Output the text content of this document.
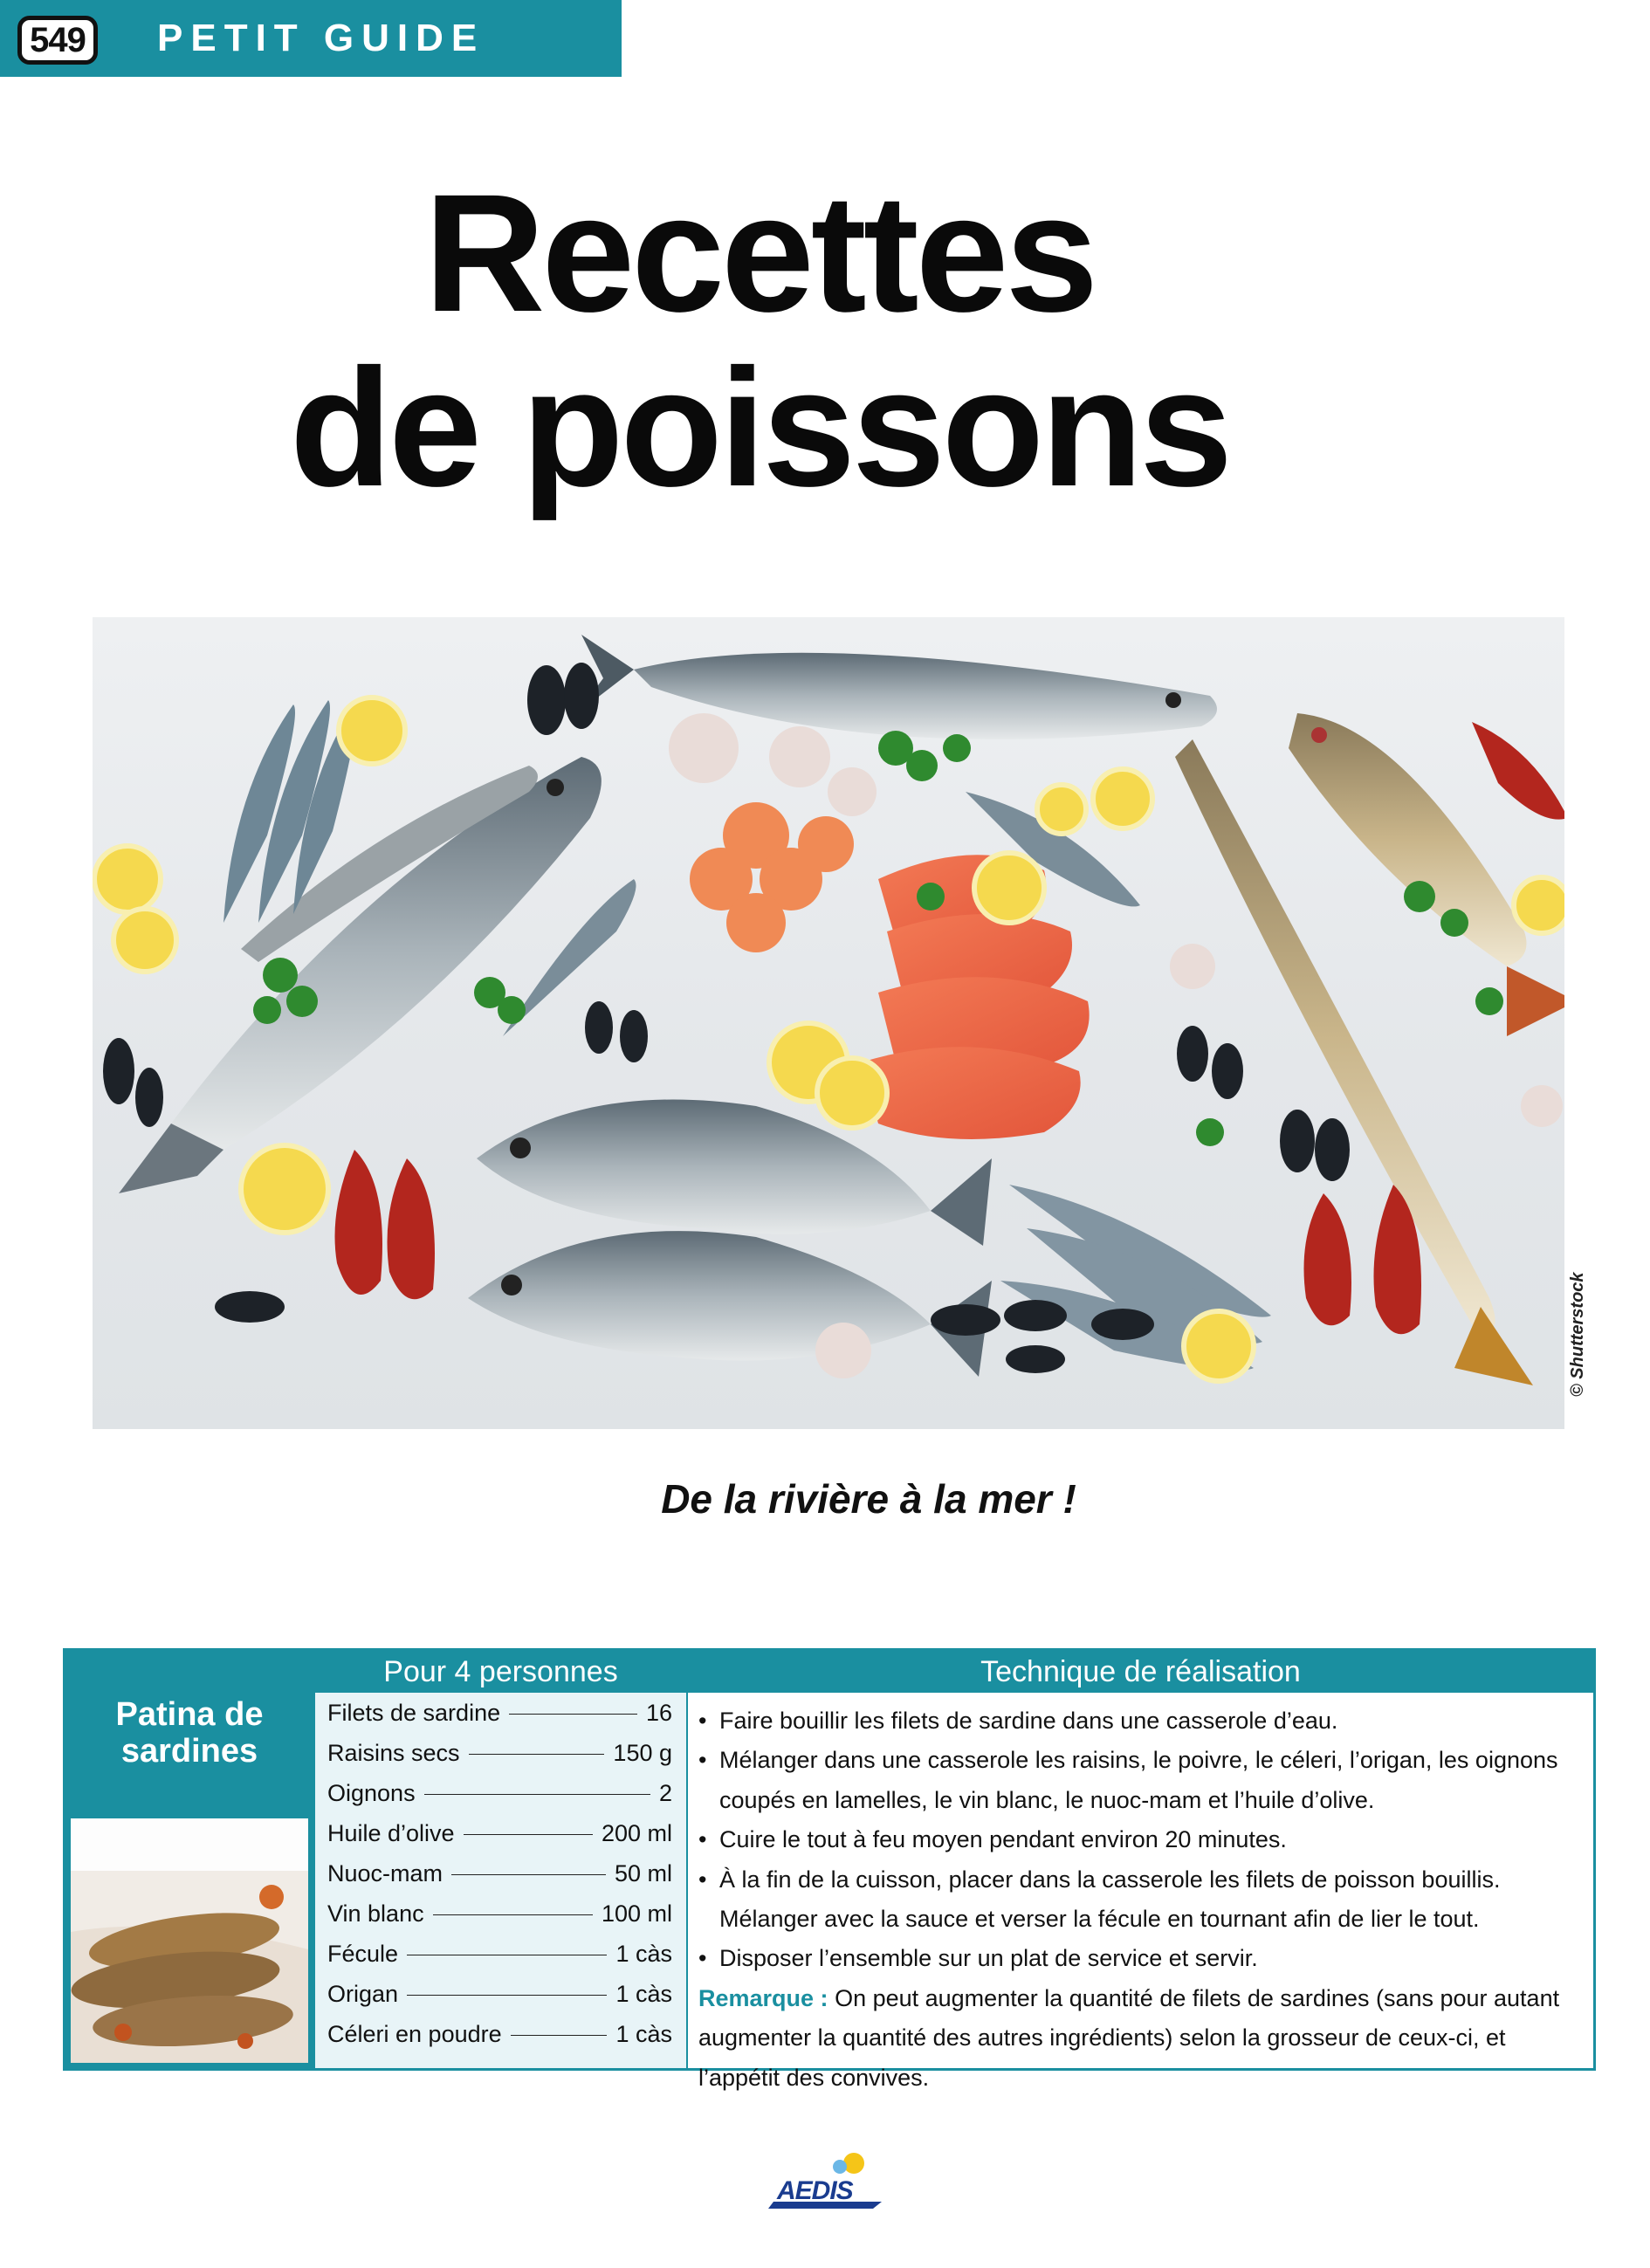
549	PETIT GUIDE
Recettes
de poissons
© Shutterstock
De la rivière à la mer !
Patina de
sardines
Pour 4 personnes	Technique de réalisation
Filets de sardine	16
Raisins secs	150 g
Oignons	2
Huile d’olive	200 ml
Nuoc-mam	50 ml
Vin blanc	100 ml
Fécule	1 càs
Origan	1 càs
Céleri en poudre	1 càs
• Faire bouillir les filets de sardine dans une casserole d’eau.
• Mélanger dans une casserole les raisins, le poivre, le céleri, l’origan, les oignons coupés en lamelles, le vin blanc, le nuoc-mam et l’huile d’olive.
• Cuire le tout à feu moyen pendant environ 20 minutes.
• À la fin de la cuisson, placer dans la casserole les filets de poisson bouillis. Mélanger avec la sauce et verser la fécule en tournant afin de lier le tout.
• Disposer l’ensemble sur un plat de service et servir.
Remarque : On peut augmenter la quantité de filets de sardines (sans pour autant augmenter la quantité des autres ingrédients) selon la grosseur de ceux-ci, et l’appétit des convives.
AEDIS
